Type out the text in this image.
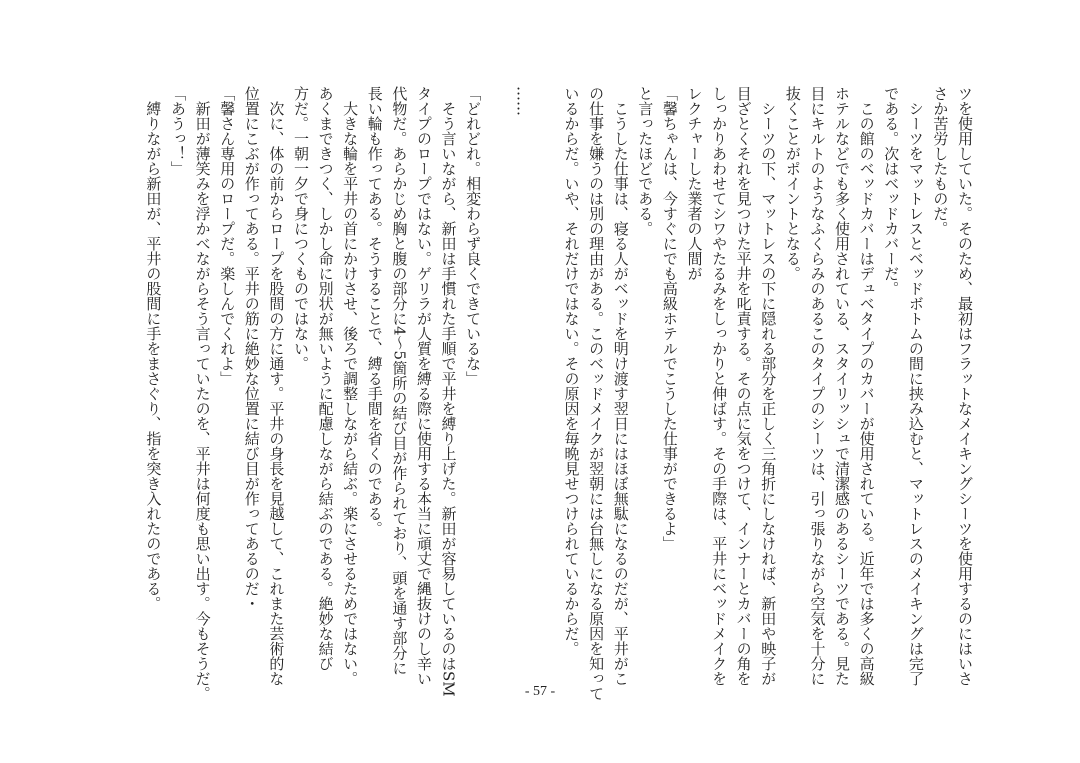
ツを使用していた。そのため、最初はフラットなメイキングシーツを使用するのにはいさ
さか苦労したものだ。
　シーツをマットレスとベッドボトムの間に挟み込むと、マットレスのメイキングは完了
である。次はベッドカバーだ。
　この館のベッドカバーはデュベタイプのカバーが使用されている。近年では多くの高級
ホテルなどでも多く使用されている、スタイリッシュで清潔感のあるシーツである。見た
目にキルトのようなふくらみのあるこのタイプのシーツは、引っ張りながら空気を十分に
抜くことがポイントとなる。
　シーツの下、マットレスの下に隠れる部分を正しく三角折にしなければ、新田や映子が
目ざとくそれを見つけた平井を叱責する。その点に気をつけて、インナーとカバーの角を
しっかりあわせてシワやたるみをしっかりと伸ばす。その手際は、平井にベッドメイクを
レクチャーした業者の人間が
「馨ちゃんは、今すぐにでも高級ホテルでこうした仕事ができるよ」
と言ったほどである。
　こうした仕事は、寝る人がベッドを明け渡す翌日にはほぼ無駄になるのだが、平井がこ
の仕事を嫌うのは別の理由がある。このベッドメイクが翌朝には台無しになる原因を知って
いるからだ。いや、それだけではない。その原因を毎晩見せつけられているからだ。
……
「どれどれ。相変わらず良くできているな」
　そう言いながら、新田は手慣れた手順で平井を縛り上げた。新田が容易しているのはSM
タイプのロープではない。ゲリラが人質を縛る際に使用する本当に頑丈で縄抜けのし辛い
代物だ。あらかじめ胸と腹の部分に4～5箇所の結び目が作られており、頭を通す部分に
長い輪も作ってある。そうすることで、縛る手間を省くのである。
　大きな輪を平井の首にかけさせ、後ろで調整しながら結ぶ。楽にさせるためではない。
あくまできつく、しかし命に別状が無いように配慮しながら結ぶのである。絶妙な結び
方だ。一朝一夕で身につくものではない。
　次に、体の前からロープを股間の方に通す。平井の身長を見越して、これまた芸術的な
位置にこぶが作ってある。平井の筋に絶妙な位置に結び目が作ってあるのだ・
「馨さん専用のロープだ。楽しんでくれよ」
　新田が薄笑みを浮かべながらそう言っていたのを、平井は何度も思い出す。今もそうだ。
「あうっ！」
　縛りながら新田が、平井の股間に手をまさぐり、指を突き入れたのである。
- 57 -
